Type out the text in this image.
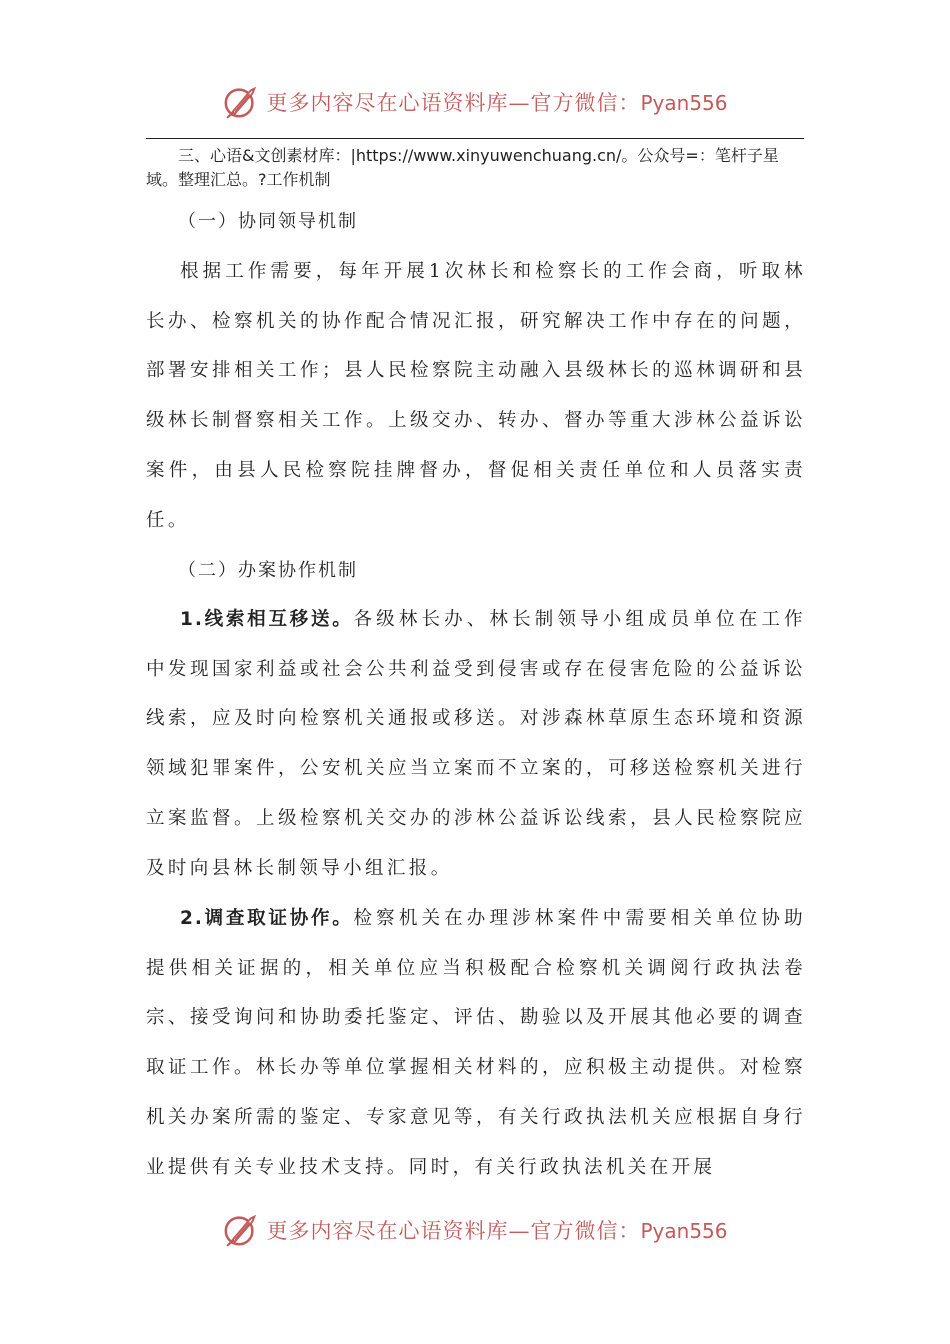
更多内容尽在心语资料库—官方微信：Pyan556

三、心语&文创素材库：|https://www.xinyuwenchuang.cn/。公众号=：笔杆子星域。整理汇总。?工作机制

（一）协同领导机制

根据工作需要，每年开展1次林长和检察长的工作会商，听取林长办、检察机关的协作配合情况汇报，研究解决工作中存在的问题，部署安排相关工作；县人民检察院主动融入县级林长的巡林调研和县级林长制督察相关工作。上级交办、转办、督办等重大涉林公益诉讼案件，由县人民检察院挂牌督办，督促相关责任单位和人员落实责任。

（二）办案协作机制

1.线索相互移送。各级林长办、林长制领导小组成员单位在工作中发现国家利益或社会公共利益受到侵害或存在侵害危险的公益诉讼线索，应及时向检察机关通报或移送。对涉森林草原生态环境和资源领域犯罪案件，公安机关应当立案而不立案的，可移送检察机关进行立案监督。上级检察机关交办的涉林公益诉讼线索，县人民检察院应及时向县林长制领导小组汇报。

2.调查取证协作。检察机关在办理涉林案件中需要相关单位协助提供相关证据的，相关单位应当积极配合检察机关调阅行政执法卷宗、接受询问和协助委托鉴定、评估、勘验以及开展其他必要的调查取证工作。林长办等单位掌握相关材料的，应积极主动提供。对检察机关办案所需的鉴定、专家意见等，有关行政执法机关应根据自身行业提供有关专业技术支持。同时，有关行政执法机关在开展

更多内容尽在心语资料库—官方微信：Pyan556
